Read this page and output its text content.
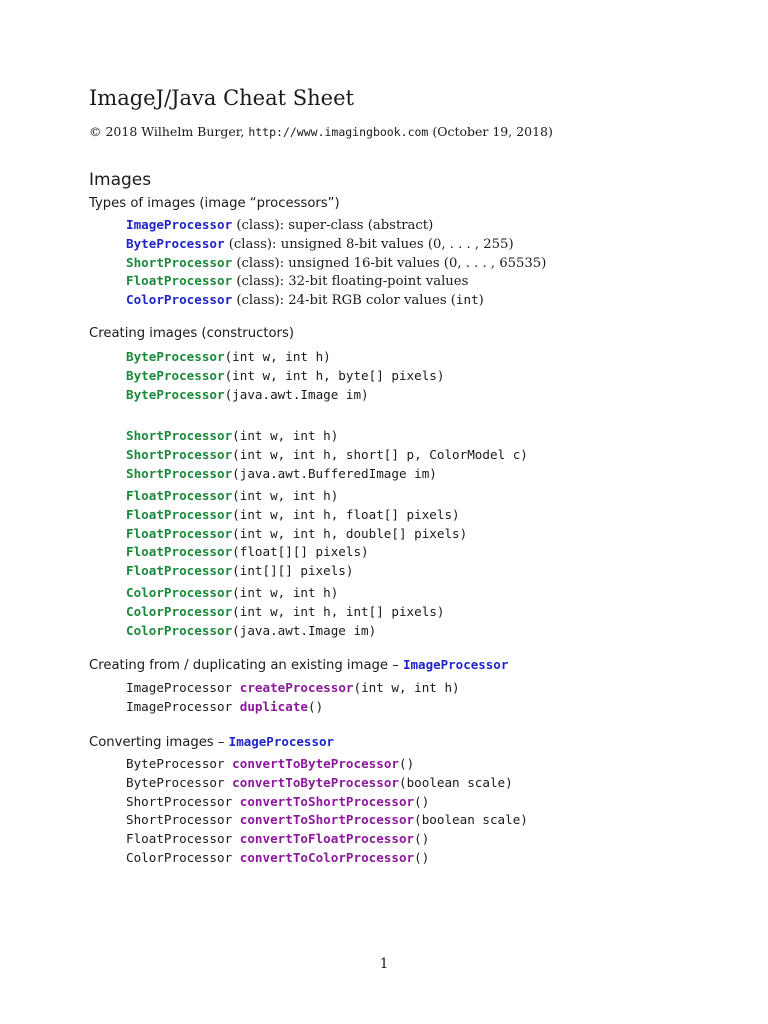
ImageJ/Java Cheat Sheet
© 2018 Wilhelm Burger, http://www.imagingbook.com (October 19, 2018)
Images
Types of images (image “processors”)
ImageProcessor (class): super-class (abstract)
ByteProcessor (class): unsigned 8-bit values (0, . . . , 255)
ShortProcessor (class): unsigned 16-bit values (0, . . . , 65535)
FloatProcessor (class): 32-bit floating-point values
ColorProcessor (class): 24-bit RGB color values (int)
Creating images (constructors)
ByteProcessor(int w, int h)
ByteProcessor(int w, int h, byte[] pixels)
ByteProcessor(java.awt.Image im)
ShortProcessor(int w, int h)
ShortProcessor(int w, int h, short[] p, ColorModel c)
ShortProcessor(java.awt.BufferedImage im)
FloatProcessor(int w, int h)
FloatProcessor(int w, int h, float[] pixels)
FloatProcessor(int w, int h, double[] pixels)
FloatProcessor(float[][] pixels)
FloatProcessor(int[][] pixels)
ColorProcessor(int w, int h)
ColorProcessor(int w, int h, int[] pixels)
ColorProcessor(java.awt.Image im)
Creating from / duplicating an existing image – ImageProcessor
ImageProcessor createProcessor(int w, int h)
ImageProcessor duplicate()
Converting images – ImageProcessor
ByteProcessor convertToByteProcessor()
ByteProcessor convertToByteProcessor(boolean scale)
ShortProcessor convertToShortProcessor()
ShortProcessor convertToShortProcessor(boolean scale)
FloatProcessor convertToFloatProcessor()
ColorProcessor convertToColorProcessor()
1
